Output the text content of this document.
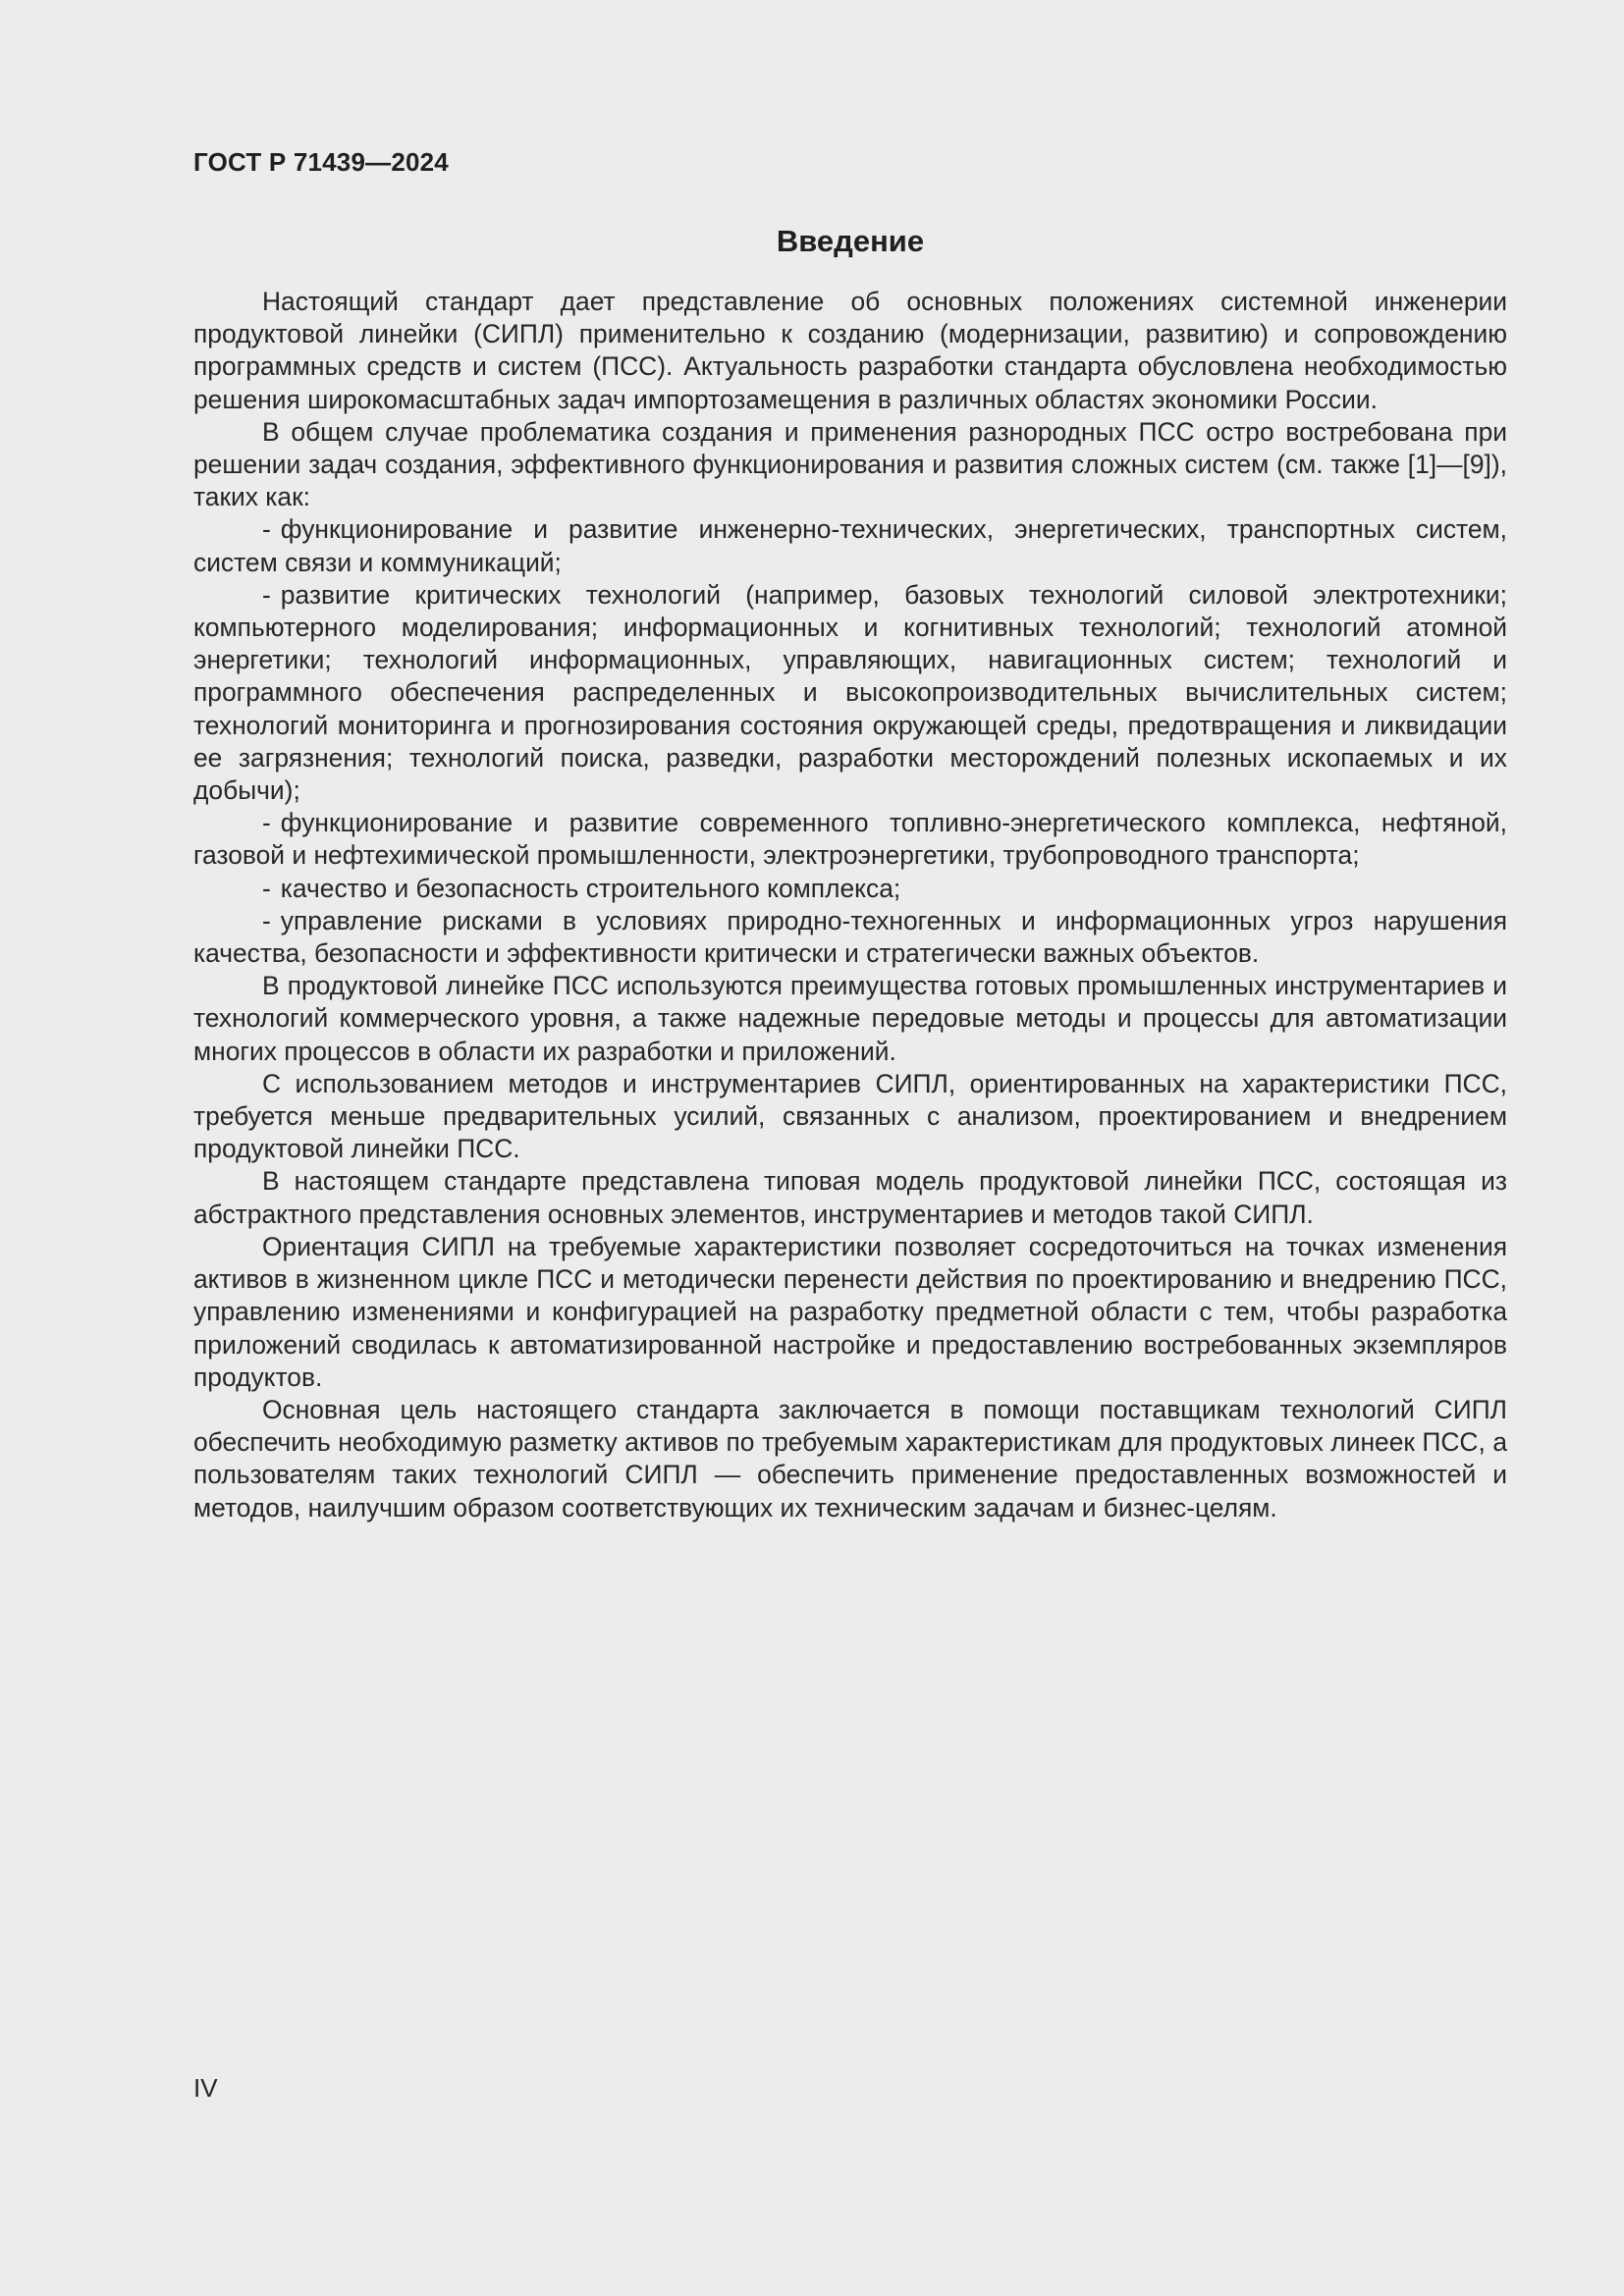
ГОСТ Р 71439—2024
Введение

Настоящий стандарт дает представление об основных положениях системной инженерии продуктовой линейки (СИПЛ) применительно к созданию (модернизации, развитию) и сопровождению программных средств и систем (ПСС). Актуальность разработки стандарта обусловлена необходимостью решения широкомасштабных задач импортозамещения в различных областях экономики России.

В общем случае проблематика создания и применения разнородных ПСС остро востребована при решении задач создания, эффективного функционирования и развития сложных систем (см. также [1]—[9]), таких как:

- функционирование и развитие инженерно-технических, энергетических, транспортных систем, систем связи и коммуникаций;

- развитие критических технологий (например, базовых технологий силовой электротехники; компьютерного моделирования; информационных и когнитивных технологий; технологий атомной энергетики; технологий информационных, управляющих, навигационных систем; технологий и программного обеспечения распределенных и высокопроизводительных вычислительных систем; технологий мониторинга и прогнозирования состояния окружающей среды, предотвращения и ликвидации ее загрязнения; технологий поиска, разведки, разработки месторождений полезных ископаемых и их добычи);

- функционирование и развитие современного топливно-энергетического комплекса, нефтяной, газовой и нефтехимической промышленности, электроэнергетики, трубопроводного транспорта;

- качество и безопасность строительного комплекса;

- управление рисками в условиях природно-техногенных и информационных угроз нарушения качества, безопасности и эффективности критически и стратегически важных объектов.

В продуктовой линейке ПСС используются преимущества готовых промышленных инструментариев и технологий коммерческого уровня, а также надежные передовые методы и процессы для автоматизации многих процессов в области их разработки и приложений.

С использованием методов и инструментариев СИПЛ, ориентированных на характеристики ПСС, требуется меньше предварительных усилий, связанных с анализом, проектированием и внедрением продуктовой линейки ПСС.

В настоящем стандарте представлена типовая модель продуктовой линейки ПСС, состоящая из абстрактного представления основных элементов, инструментариев и методов такой СИПЛ.

Ориентация СИПЛ на требуемые характеристики позволяет сосредоточиться на точках изменения активов в жизненном цикле ПСС и методически перенести действия по проектированию и внедрению ПСС, управлению изменениями и конфигурацией на разработку предметной области с тем, чтобы разработка приложений сводилась к автоматизированной настройке и предоставлению востребованных экземпляров продуктов.

Основная цель настоящего стандарта заключается в помощи поставщикам технологий СИПЛ обеспечить необходимую разметку активов по требуемым характеристикам для продуктовых линеек ПСС, а пользователям таких технологий СИПЛ — обеспечить применение предоставленных возможностей и методов, наилучшим образом соответствующих их техническим задачам и бизнес-целям.

IV
